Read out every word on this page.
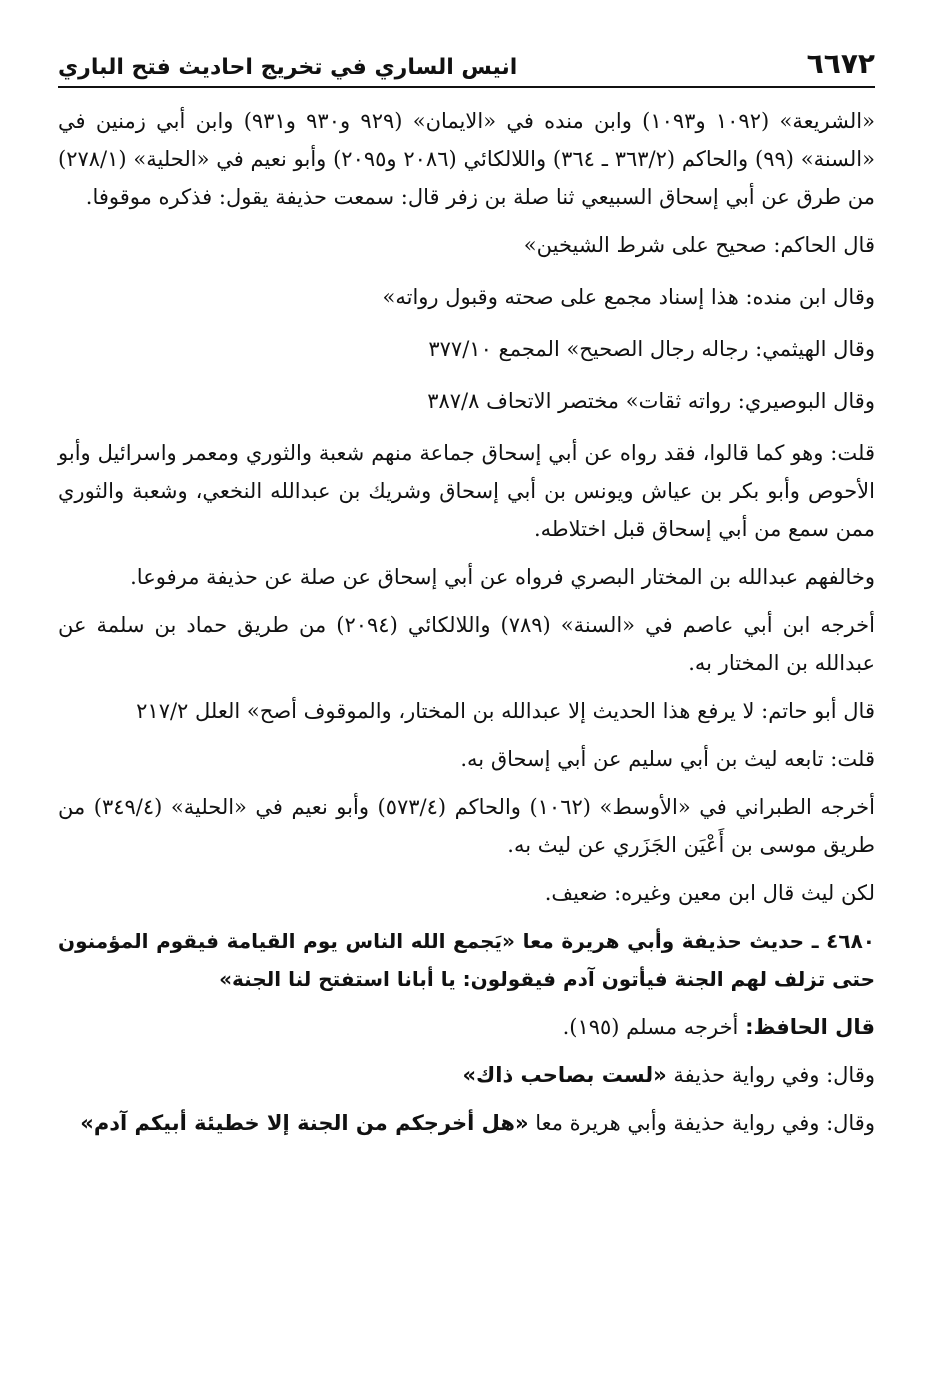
٦٦٧٢
انيس الساري في تخريج احاديث فتح الباري

«الشريعة» (١٠٩٢ و١٠٩٣) وابن منده في «الايمان» (٩٢٩ و٩٣٠ و٩٣١) وابن أبي زمنين في «السنة» (٩٩) والحاكم (٣٦٣/٢ ـ ٣٦٤) واللالكائي (٢٠٨٦ و٢٠٩٥) وأبو نعيم في «الحلية» (٢٧٨/١) من طرق عن أبي إسحاق السبيعي ثنا صلة بن زفر قال: سمعت حذيفة يقول: فذكره موقوفا.

قال الحاكم: صحيح على شرط الشيخين»

وقال ابن منده: هذا إسناد مجمع على صحته وقبول رواته»

وقال الهيثمي: رجاله رجال الصحيح» المجمع ٣٧٧/١٠

وقال البوصيري: رواته ثقات» مختصر الاتحاف ٣٨٧/٨

قلت: وهو كما قالوا، فقد رواه عن أبي إسحاق جماعة منهم شعبة والثوري ومعمر واسرائيل وأبو الأحوص وأبو بكر بن عياش ويونس بن أبي إسحاق وشريك بن عبدالله النخعي، وشعبة والثوري ممن سمع من أبي إسحاق قبل اختلاطه.

وخالفهم عبدالله بن المختار البصري فرواه عن أبي إسحاق عن صلة عن حذيفة مرفوعا.

أخرجه ابن أبي عاصم في «السنة» (٧٨٩) واللالكائي (٢٠٩٤) من طريق حماد بن سلمة عن عبدالله بن المختار به.

قال أبو حاتم: لا يرفع هذا الحديث إلا عبدالله بن المختار، والموقوف أصح» العلل ٢١٧/٢

قلت: تابعه ليث بن أبي سليم عن أبي إسحاق به.

أخرجه الطبراني في «الأوسط» (١٠٦٢) والحاكم (٥٧٣/٤) وأبو نعيم في «الحلية» (٣٤٩/٤) من طريق موسى بن أَعْيَن الجَزَري عن ليث به.

لكن ليث قال ابن معين وغيره: ضعيف.

٤٦٨٠ ـ حديث حذيفة وأبي هريرة معا «يَجمع الله الناس يوم القيامة فيقوم المؤمنون حتى تزلف لهم الجنة فيأتون آدم فيقولون: يا أبانا استفتح لنا الجنة»

قال الحافظ: أخرجه مسلم (١٩٥).

وقال: وفي رواية حذيفة «لست بصاحب ذاك»

وقال: وفي رواية حذيفة وأبي هريرة معا «هل أخرجكم من الجنة إلا خطيئة أبيكم آدم»
